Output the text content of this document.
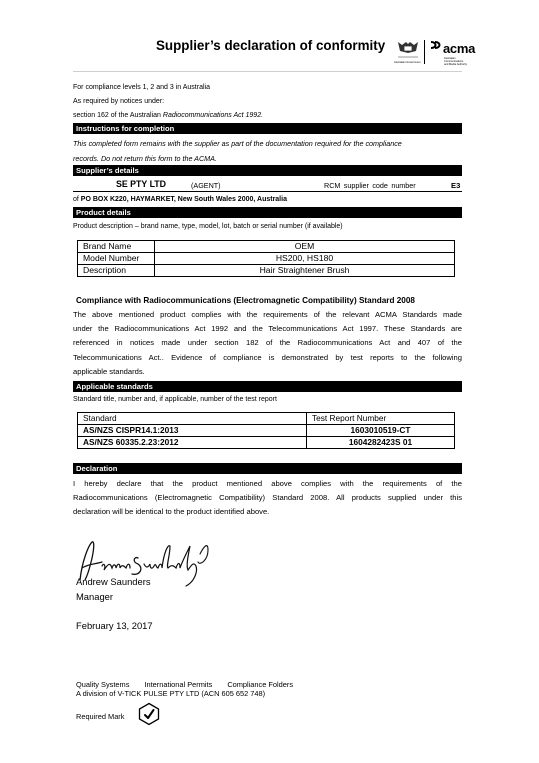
Supplier’s declaration of conformity
Australian Government
acma
Australian
Communications
and Media Authority
For compliance levels 1, 2 and 3 in Australia
As required by notices under:
section 162 of the Australian Radiocommunications Act 1992.
Instructions for completion
This completed form remains with the supplier as part of the documentation required for the compliance
records. Do not return this form to the ACMA.
Supplier’s details
SE PTY LTD	(AGENT)	RCM supplier code number	E3
of PO BOX K220, HAYMARKET, New South Wales 2000, Australia
Product details
Product description – brand name, type, model, lot, batch or serial number (if available)
Brand Name	OEM
Model Number	HS200, HS180
Description	Hair Straightener Brush
Compliance with Radiocommunications (Electromagnetic Compatibility) Standard 2008
The above mentioned product complies with the requirements of the relevant ACMA Standards made
under the Radiocommunications Act 1992 and the Telecommunications Act 1997. These Standards are
referenced in notices made under section 182 of the Radiocommunications Act and 407 of the
Telecommunications Act.. Evidence of compliance is demonstrated by test reports to the following
applicable standards.
Applicable standards
Standard title, number and, if applicable, number of the test report
Standard	Test Report Number
AS/NZS CISPR14.1:2013	1603010519-CT
AS/NZS 60335.2.23:2012	1604282423S 01
Declaration
I hereby declare that the product mentioned above complies with the requirements of the
Radiocommunications (Electromagnetic Compatibility) Standard 2008. All products supplied under this
declaration will be identical to the product identified above.
Andrew Saunders
Manager
February 13, 2017
Quality Systems International Permits Compliance Folders
A division of V-TICK PULSE PTY LTD (ACN 605 652 748)
Required Mark
